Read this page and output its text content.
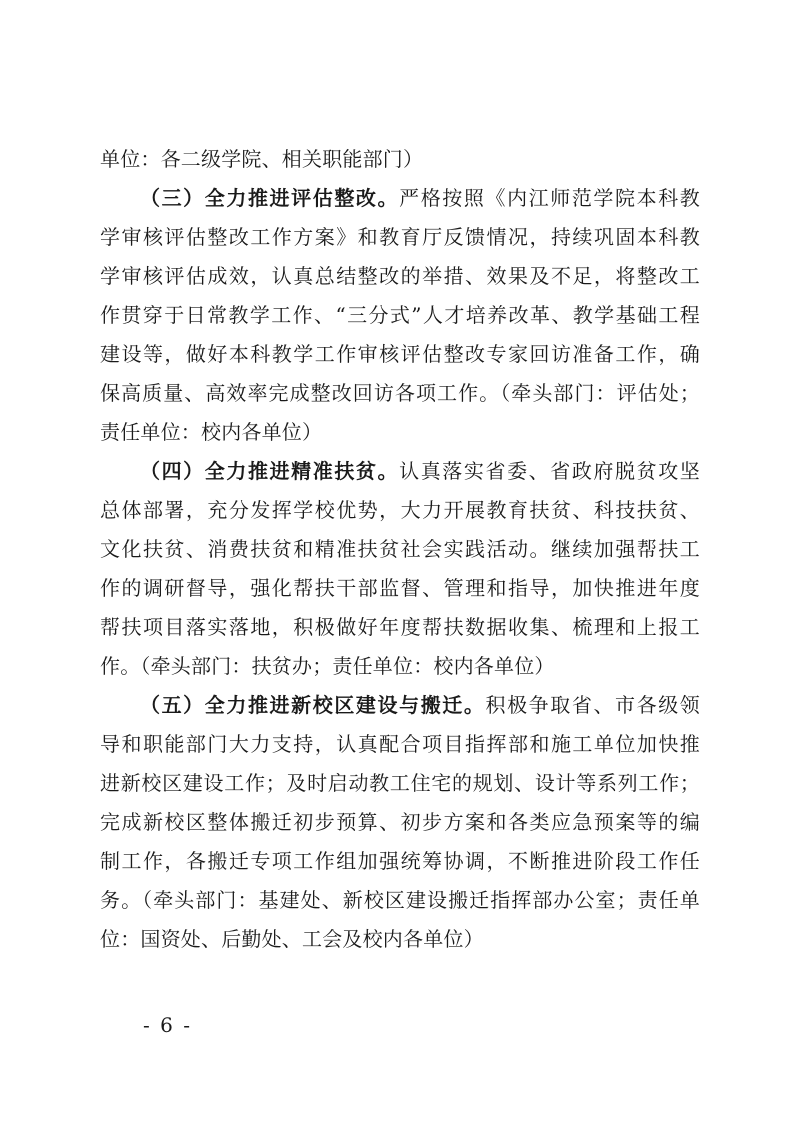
单位：各二级学院、相关职能部门）
（三）全力推进评估整改。严格按照《内江师范学院本科教
学审核评估整改工作方案》和教育厅反馈情况，持续巩固本科教
学审核评估成效，认真总结整改的举措、效果及不足，将整改工
作贯穿于日常教学工作、“三分式”人才培养改革、教学基础工程
建设等，做好本科教学工作审核评估整改专家回访准备工作，确
保高质量、高效率完成整改回访各项工作。（牵头部门：评估处；
责任单位：校内各单位）
（四）全力推进精准扶贫。认真落实省委、省政府脱贫攻坚
总体部署，充分发挥学校优势，大力开展教育扶贫、科技扶贫、
文化扶贫、消费扶贫和精准扶贫社会实践活动。继续加强帮扶工
作的调研督导，强化帮扶干部监督、管理和指导，加快推进年度
帮扶项目落实落地，积极做好年度帮扶数据收集、梳理和上报工
作。（牵头部门：扶贫办；责任单位：校内各单位）
（五）全力推进新校区建设与搬迁。积极争取省、市各级领
导和职能部门大力支持，认真配合项目指挥部和施工单位加快推
进新校区建设工作；及时启动教工住宅的规划、设计等系列工作；
完成新校区整体搬迁初步预算、初步方案和各类应急预案等的编
制工作，各搬迁专项工作组加强统筹协调，不断推进阶段工作任
务。（牵头部门：基建处、新校区建设搬迁指挥部办公室；责任单
位：国资处、后勤处、工会及校内各单位）
- 6 -
